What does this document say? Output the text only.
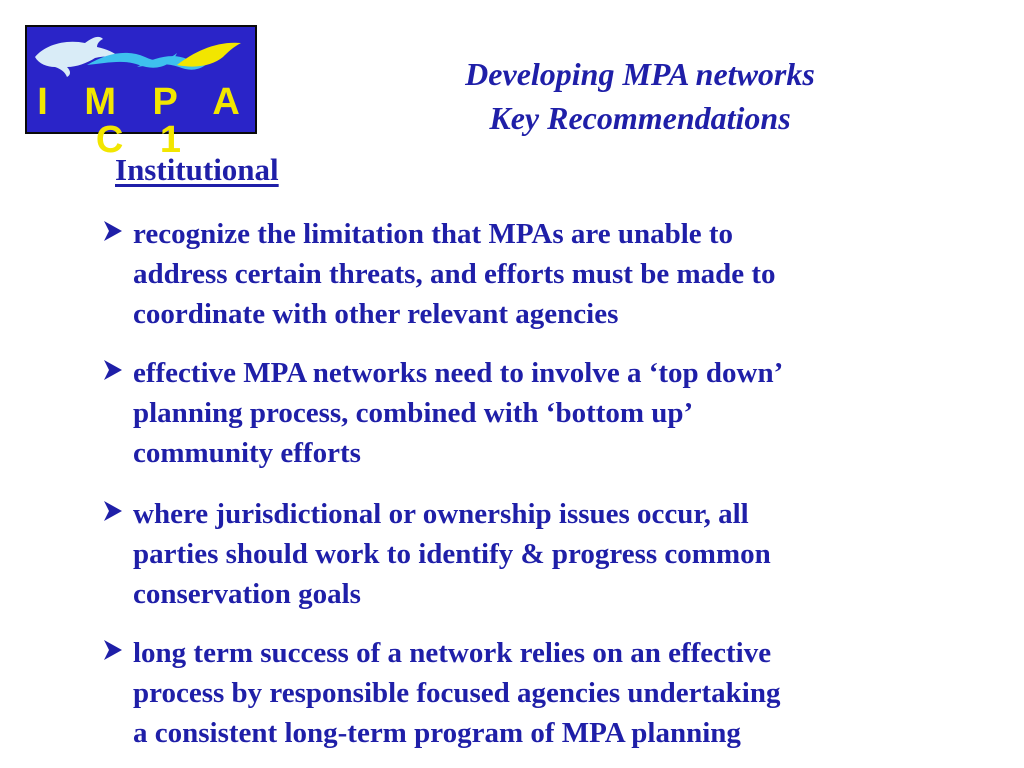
I M P A C 1
Developing MPA networks
Key Recommendations
Institutional
recognize the limitation that MPAs are unable to
address certain threats, and efforts must be made to
coordinate with other relevant agencies
effective MPA networks need to involve a ‘top down’
planning process, combined with ‘bottom up’
community efforts
where jurisdictional or ownership issues occur, all
parties should work to identify & progress common
conservation goals
long term success of a network relies on an effective
process by responsible focused agencies undertaking
a consistent long-term program of MPA planning
